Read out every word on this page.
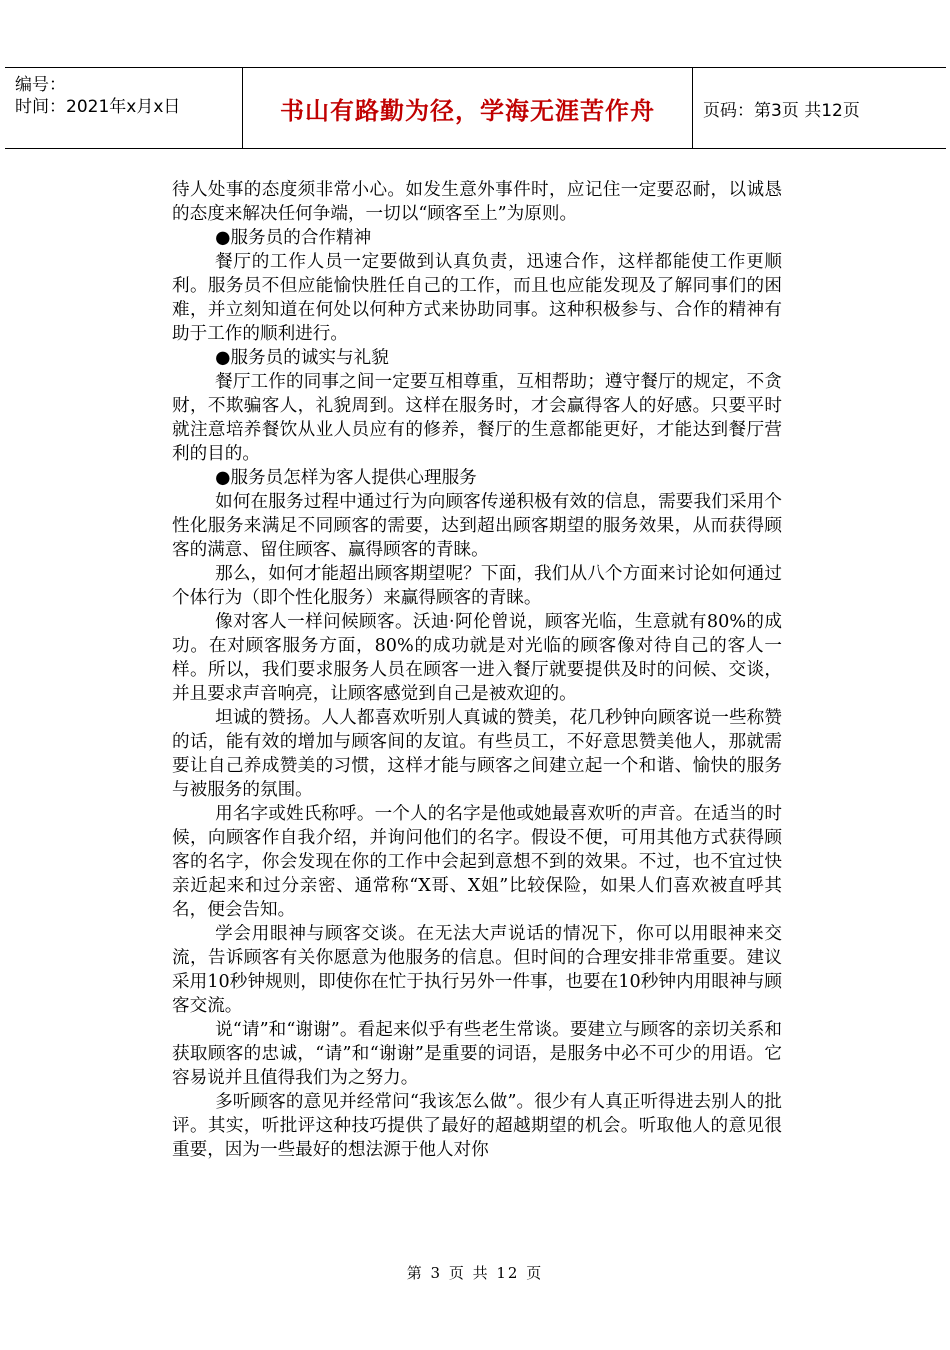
编号：
时间：2021年x月x日	书山有路勤为径，学海无涯苦作舟	页码：第3页 共12页

待人处事的态度须非常小心。如发生意外事件时，应记住一定要忍耐，以诚恳的态度来解决任何争端，一切以“顾客至上”为原则。

●服务员的合作精神

餐厅的工作人员一定要做到认真负责，迅速合作，这样都能使工作更顺利。服务员不但应能愉快胜任自己的工作，而且也应能发现及了解同事们的困难，并立刻知道在何处以何种方式来协助同事。这种积极参与、合作的精神有助于工作的顺利进行。

●服务员的诚实与礼貌

餐厅工作的同事之间一定要互相尊重，互相帮助；遵守餐厅的规定，不贪财，不欺骗客人，礼貌周到。这样在服务时，才会赢得客人的好感。只要平时就注意培养餐饮从业人员应有的修养，餐厅的生意都能更好，才能达到餐厅营利的目的。

●服务员怎样为客人提供心理服务

如何在服务过程中通过行为向顾客传递积极有效的信息，需要我们采用个性化服务来满足不同顾客的需要，达到超出顾客期望的服务效果，从而获得顾客的满意、留住顾客、赢得顾客的青睐。

那么，如何才能超出顾客期望呢？下面，我们从八个方面来讨论如何通过个体行为（即个性化服务）来赢得顾客的青睐。

像对客人一样问候顾客。沃迪·阿伦曾说，顾客光临，生意就有80%的成功。在对顾客服务方面，80%的成功就是对光临的顾客像对待自己的客人一样。所以，我们要求服务人员在顾客一进入餐厅就要提供及时的问候、交谈，并且要求声音响亮，让顾客感觉到自己是被欢迎的。

坦诚的赞扬。人人都喜欢听别人真诚的赞美，花几秒钟向顾客说一些称赞的话，能有效的增加与顾客间的友谊。有些员工，不好意思赞美他人，那就需要让自己养成赞美的习惯，这样才能与顾客之间建立起一个和谐、愉快的服务与被服务的氛围。

用名字或姓氏称呼。一个人的名字是他或她最喜欢听的声音。在适当的时候，向顾客作自我介绍，并询问他们的名字。假设不便，可用其他方式获得顾客的名字，你会发现在你的工作中会起到意想不到的效果。不过，也不宜过快亲近起来和过分亲密、通常称“X哥、X姐”比较保险，如果人们喜欢被直呼其名，便会告知。

学会用眼神与顾客交谈。在无法大声说话的情况下，你可以用眼神来交流，告诉顾客有关你愿意为他服务的信息。但时间的合理安排非常重要。建议采用10秒钟规则，即使你在忙于执行另外一件事，也要在10秒钟内用眼神与顾客交流。

说“请”和“谢谢”。看起来似乎有些老生常谈。要建立与顾客的亲切关系和获取顾客的忠诚，“请”和“谢谢”是重要的词语，是服务中必不可少的用语。它容易说并且值得我们为之努力。

多听顾客的意见并经常问“我该怎么做”。很少有人真正听得进去别人的批评。其实，听批评这种技巧提供了最好的超越期望的机会。听取他人的意见很重要，因为一些最好的想法源于他人对你

第 3 页 共 12 页
